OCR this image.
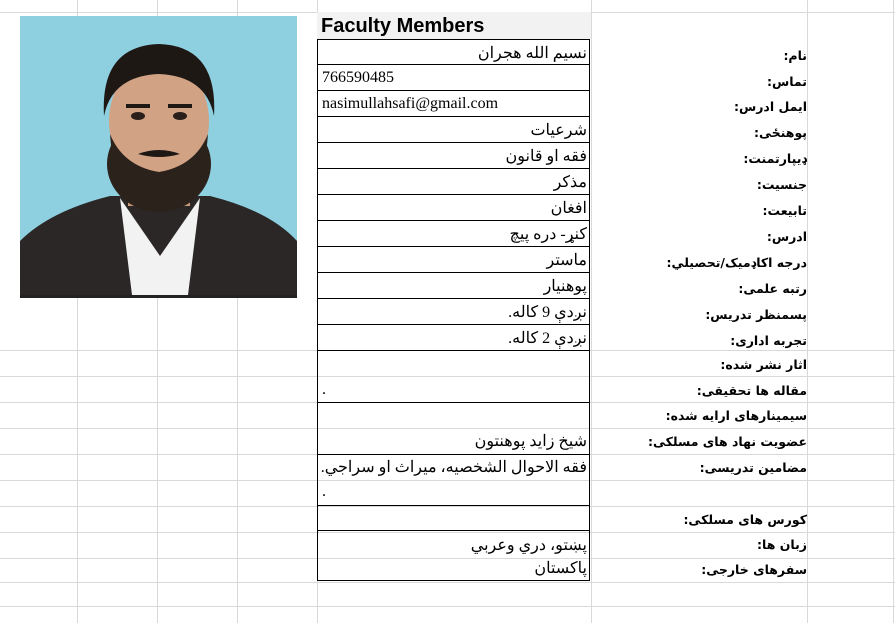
Faculty Members
نسیم الله هجران
766590485
nasimullahsafi@gmail.com
شرعیات
فقه او قانون
مذکر
افغان
کنړ- دره پیچ
ماستر
پوهنیار
نږدې 9 کاله.
نږدې 2 کاله.
.
شیخ زاید پوهنتون
فقه الاحوال الشخصیه، میراث او سراجي.
.
پښتو، دري وعربي
پاکستان
نام:
تماس:
ایمل ادرس:
پوهنځی:
ډيپارتمنت:
جنسیت:
تابیعت:
ادرس:
درجه اکاډمیک/تحصیلي:
رتبه علمی:
پسمنظر تدریس:
تجربه اداری:
اثار نشر شده:
مقاله ها تحقیقی:
سیمینارهای ارایه شده:
عضویت نهاد های مسلکی:
مضامین تدریسی:
کورس های مسلکی:
زبان ها:
سفرهای خارجی:
